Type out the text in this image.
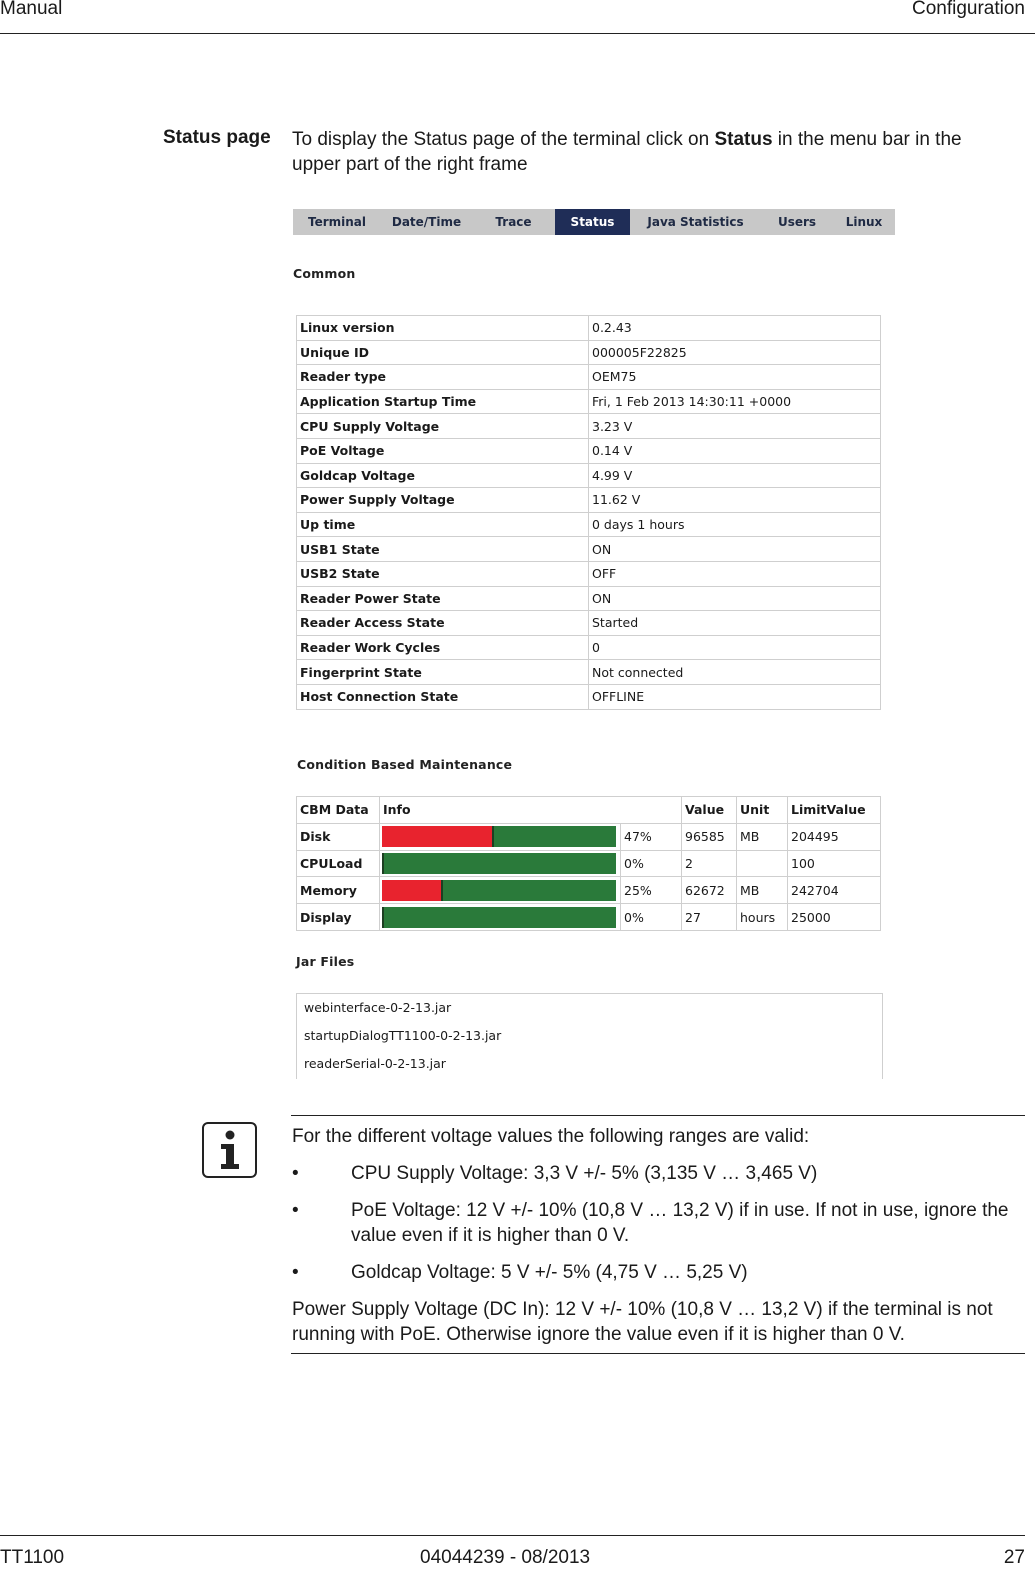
Manual	Configuration
Status page To display the Status page of the terminal click on Status in the menu bar in the upper part of the right frame
Terminal	Date/Time	Trace	Status	Java Statistics	Users	Linux
Common
Linux version	0.2.43
Unique ID	000005F22825
Reader type	OEM75
Application Startup Time	Fri, 1 Feb 2013 14:30:11 +0000
CPU Supply Voltage	3.23 V
PoE Voltage	0.14 V
Goldcap Voltage	4.99 V
Power Supply Voltage	11.62 V
Up time	0 days 1 hours
USB1 State	ON
USB2 State	OFF
Reader Power State	ON
Reader Access State	Started
Reader Work Cycles	0
Fingerprint State	Not connected
Host Connection State	OFFLINE
Condition Based Maintenance
CBM Data	Info		Value	Unit	LimitValue
Disk		47%	96585	MB	204495
CPULoad		0%	2		100
Memory		25%	62672	MB	242704
Display		0%	27	hours	25000
Jar Files
webinterface-0-2-13.jar
startupDialogTT1100-0-2-13.jar
readerSerial-0-2-13.jar

For the different voltage values the following ranges are valid:

•	CPU Supply Voltage: 3,3 V +/- 5% (3,135 V … 3,465 V)
•	PoE Voltage: 12 V +/- 10% (10,8 V … 13,2 V) if in use. If not in use, ignore the value even if it is higher than 0 V.
•	Goldcap Voltage: 5 V +/- 5% (4,75 V … 5,25 V)

Power Supply Voltage (DC In): 12 V +/- 10% (10,8 V … 13,2 V) if the terminal is not running with PoE. Otherwise ignore the value even if it is higher than 0 V.

TT1100	04044239 - 08/2013	27
